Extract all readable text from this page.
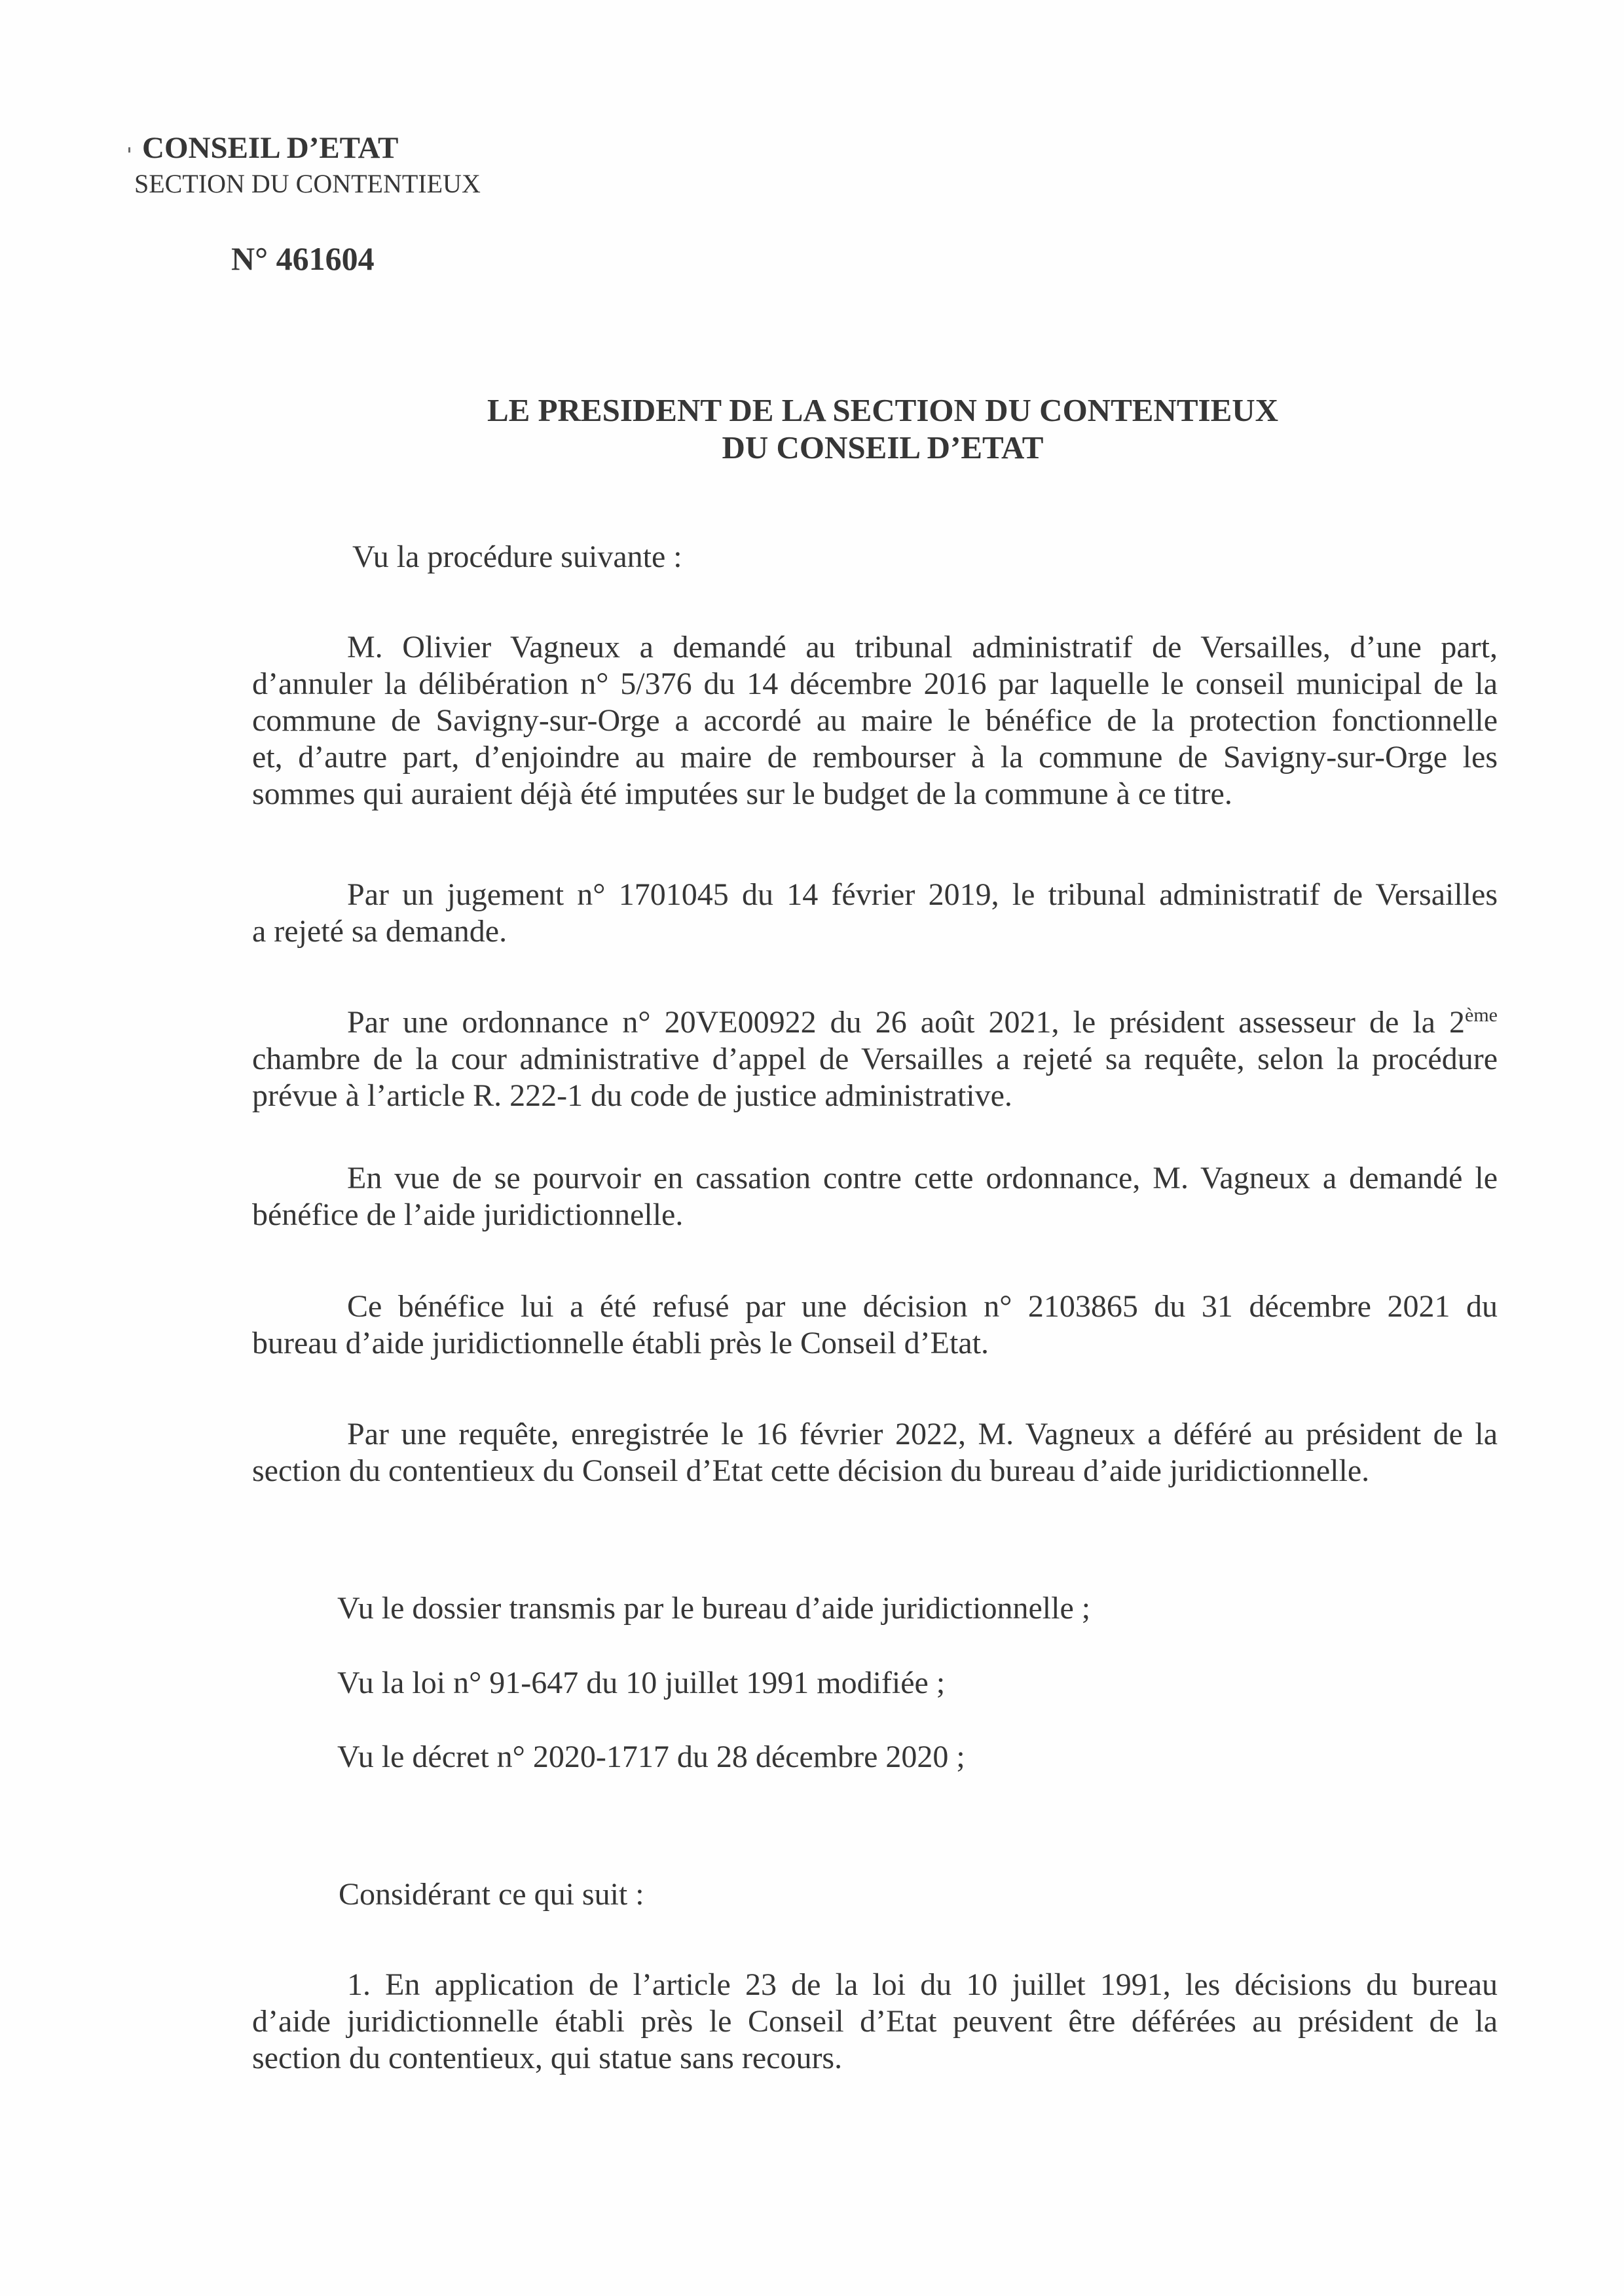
CONSEIL D’ETAT
SECTION DU CONTENTIEUX
N° 461604
LE PRESIDENT DE LA SECTION DU CONTENTIEUX
DU CONSEIL D’ETAT
Vu la procédure suivante :
M. Olivier Vagneux a demandé au tribunal administratif de Versailles, d’une part,
d’annuler la délibération n° 5/376 du 14 décembre 2016 par laquelle le conseil municipal de la
commune de Savigny-sur-Orge a accordé au maire le bénéfice de la protection fonctionnelle
et, d’autre part, d’enjoindre au maire de rembourser à la commune de Savigny-sur-Orge les
sommes qui auraient déjà été imputées sur le budget de la commune à ce titre.
Par un jugement n° 1701045 du 14 février 2019, le tribunal administratif de Versailles
a rejeté sa demande.
Par une ordonnance n° 20VE00922 du 26 août 2021, le président assesseur de la 2ème
chambre de la cour administrative d’appel de Versailles a rejeté sa requête, selon la procédure
prévue à l’article R. 222-1 du code de justice administrative.
En vue de se pourvoir en cassation contre cette ordonnance, M. Vagneux a demandé le
bénéfice de l’aide juridictionnelle.
Ce bénéfice lui a été refusé par une décision n° 2103865 du 31 décembre 2021 du
bureau d’aide juridictionnelle établi près le Conseil d’Etat.
Par une requête, enregistrée le 16 février 2022, M. Vagneux a déféré au président de la
section du contentieux du Conseil d’Etat cette décision du bureau d’aide juridictionnelle.
Vu le dossier transmis par le bureau d’aide juridictionnelle ;
Vu la loi n° 91-647 du 10 juillet 1991 modifiée ;
Vu le décret n° 2020-1717 du 28 décembre 2020 ;
Considérant ce qui suit :
1. En application de l’article 23 de la loi du 10 juillet 1991, les décisions du bureau
d’aide juridictionnelle établi près le Conseil d’Etat peuvent être déférées au président de la
section du contentieux, qui statue sans recours.
